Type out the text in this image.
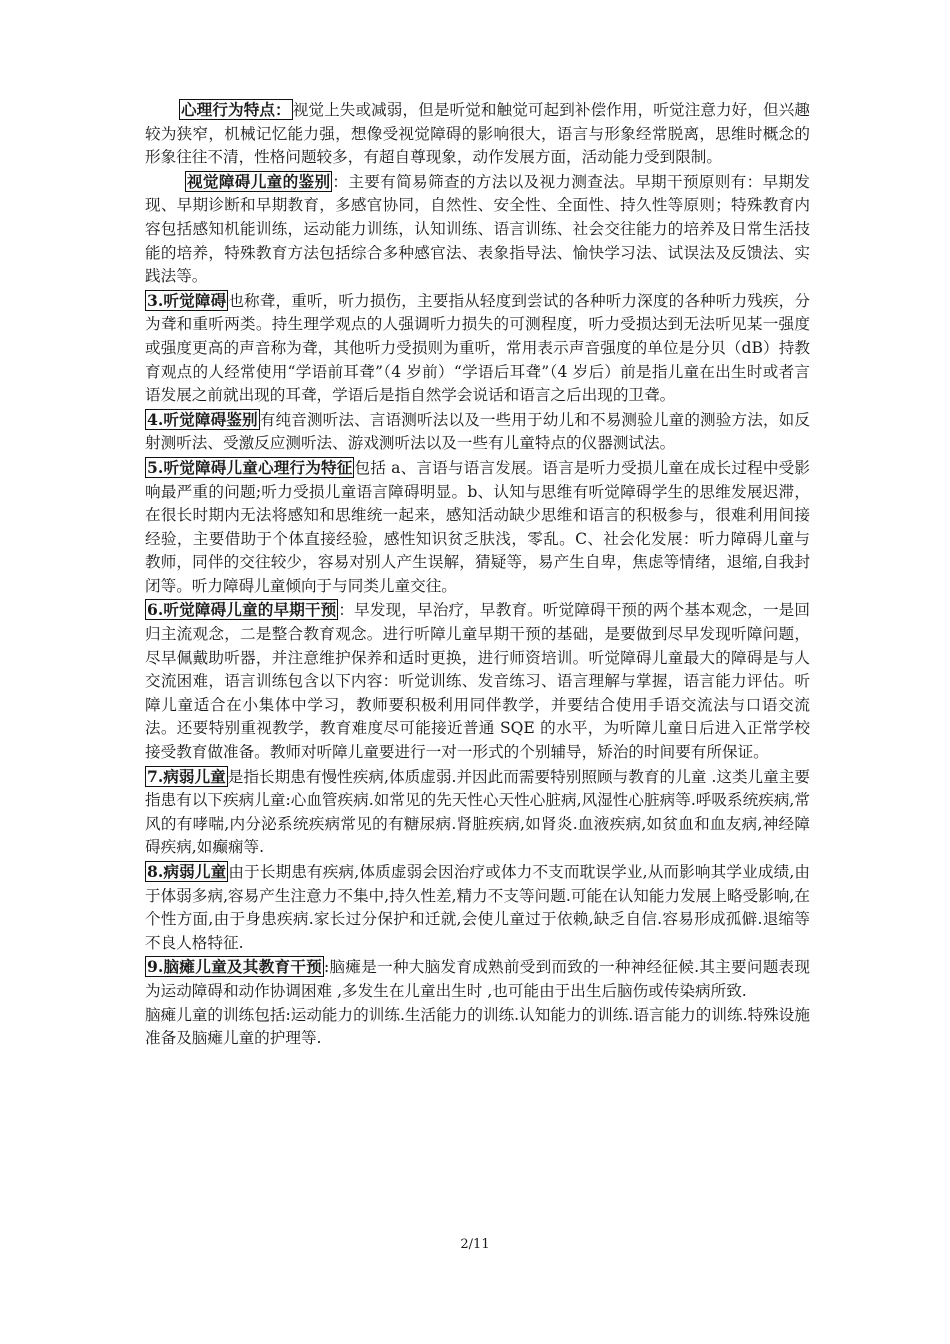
心理行为特点： 视觉上失或减弱，但是听觉和触觉可起到补偿作用，听觉注意力好，但兴趣较为狭窄，机械记忆能力强，想像受视觉障碍的影响很大，语言与形象经常脱离，思维时概念的形象往往不清，性格问题较多，有超自尊现象，动作发展方面，活动能力受到限制。

视觉障碍儿童的鉴别 ：主要有简易筛查的方法以及视力测查法。早期干预原则有：早期发现、早期诊断和早期教育，多感官协同，自然性、安全性、全面性、持久性等原则；特殊教育内容包括感知机能训练，运动能力训练，认知训练、语言训练、社会交往能力的培养及日常生活技能的培养，特殊教育方法包括综合多种感官法、表象指导法、愉快学习法、试误法及反馈法、实践法等。

3.听觉障碍 也称聋，重听，听力损伤，主要指从轻度到尝试的各种听力深度的各种听力残疾，分为聋和重听两类。持生理学观点的人强调听力损失的可测程度，听力受损达到无法听见某一强度或强度更高的声音称为聋，其他听力受损则为重听，常用表示声音强度的单位是分贝（dB）持教育观点的人经常使用“学语前耳聋”（4 岁前）“学语后耳聋”（4 岁后）前是指儿童在出生时或者言语发展之前就出现的耳聋，学语后是指自然学会说话和语言之后出现的卫聋。

4.听觉障碍鉴别 有纯音测听法、言语测听法以及一些用于幼儿和不易测验儿童的测验方法，如反射测听法、受激反应测听法、游戏测听法以及一些有儿童特点的仪器测试法。

5.听觉障碍儿童心理行为特征 包括 a、言语与语言发展。语言是听力受损儿童在成长过程中受影响最严重的问题;听力受损儿童语言障碍明显。b、认知与思维有听觉障碍学生的思维发展迟滞，在很长时期内无法将感知和思维统一起来，感知活动缺少思维和语言的积极参与，很难利用间接经验，主要借助于个体直接经验，感性知识贫乏肤浅，零乱。C、社会化发展：听力障碍儿童与教师，同伴的交往较少，容易对别人产生误解，猜疑等，易产生自卑，焦虑等情绪，退缩,自我封闭等。听力障碍儿童倾向于与同类儿童交往。

6.听觉障碍儿童的早期干预 ：早发现，早治疗，早教育。听觉障碍干预的两个基本观念，一是回归主流观念，二是整合教育观念。进行听障儿童早期干预的基础，是要做到尽早发现听障问题，尽早佩戴助听器，并注意维护保养和适时更换，进行师资培训。听觉障碍儿童最大的障碍是与人交流困难，语言训练包含以下内容：听觉训练、发音练习、语言理解与掌握，语言能力评估。听障儿童适合在小集体中学习，教师要积极利用同伴教学，并要结合使用手语交流法与口语交流法。还要特别重视教学，教育难度尽可能接近普通 SQE 的水平，为听障儿童日后进入正常学校接受教育做准备。教师对听障儿童要进行一对一形式的个别辅导，矫治的时间要有所保证。

7.病弱儿童 是指长期患有慢性疾病,体质虚弱.并因此而需要特别照顾与教育的儿童 .这类儿童主要指患有以下疾病儿童:心血管疾病.如常见的先天性心天性心脏病,风湿性心脏病等.呼吸系统疾病,常风的有哮喘,内分泌系统疾病常见的有糖尿病.肾脏疾病,如肾炎.血液疾病,如贫血和血友病,神经障碍疾病,如癫痫等.

8.病弱儿童 由于长期患有疾病,体质虚弱会因治疗或体力不支而耽误学业,从而影响其学业成绩,由于体弱多病,容易产生注意力不集中,持久性差,精力不支等问题.可能在认知能力发展上略受影响,在个性方面,由于身患疾病.家长过分保护和迁就,会使儿童过于依赖,缺乏自信.容易形成孤僻.退缩等不良人格特征.

9.脑瘫儿童及其教育干预 :脑瘫是一种大脑发育成熟前受到而致的一种神经征候.其主要问题表现为运动障碍和动作协调困难 ,多发生在儿童出生时 ,也可能由于出生后脑伤或传染病所致.

脑瘫儿童的训练包括:运动能力的训练.生活能力的训练.认知能力的训练.语言能力的训练.特殊设施准备及脑瘫儿童的护理等.

2/11
